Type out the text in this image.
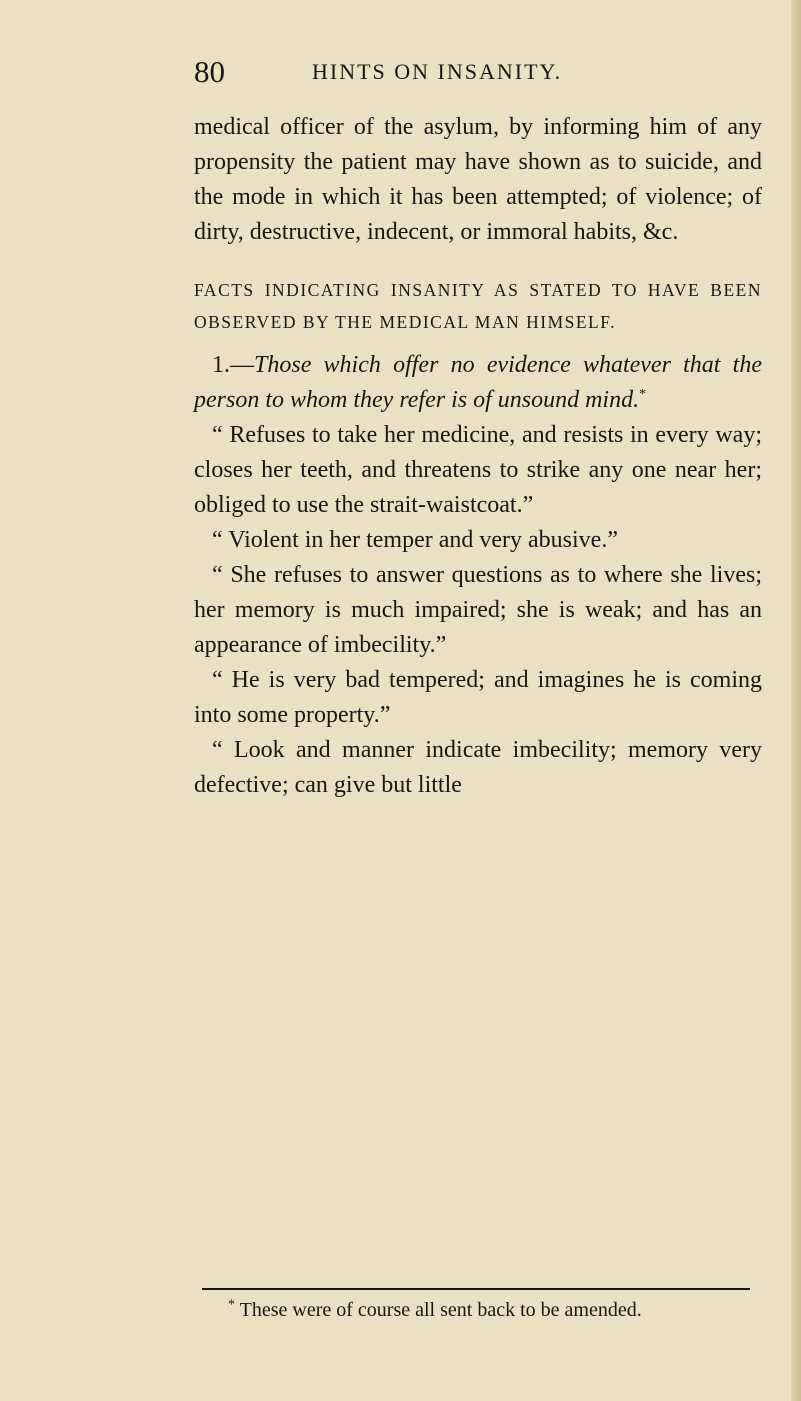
80	HINTS ON INSANITY.

medical officer of the asylum, by informing him of any propensity the patient may have shown as to suicide, and the mode in which it has been attempted; of violence; of dirty, destructive, indecent, or immoral habits, &c.

FACTS INDICATING INSANITY AS STATED TO HAVE BEEN OBSERVED BY THE MEDICAL MAN HIMSELF.

1.—Those which offer no evidence whatever that the person to whom they refer is of unsound mind.*

“ Refuses to take her medicine, and resists in every way; closes her teeth, and threatens to strike any one near her; obliged to use the strait-waistcoat.”

“ Violent in her temper and very abusive.”

“ She refuses to answer questions as to where she lives; her memory is much impaired; she is weak; and has an appearance of imbecility.”

“ He is very bad tempered; and imagines he is coming into some property.”

“ Look and manner indicate imbecility; memory very defective; can give but little

* These were of course all sent back to be amended.
